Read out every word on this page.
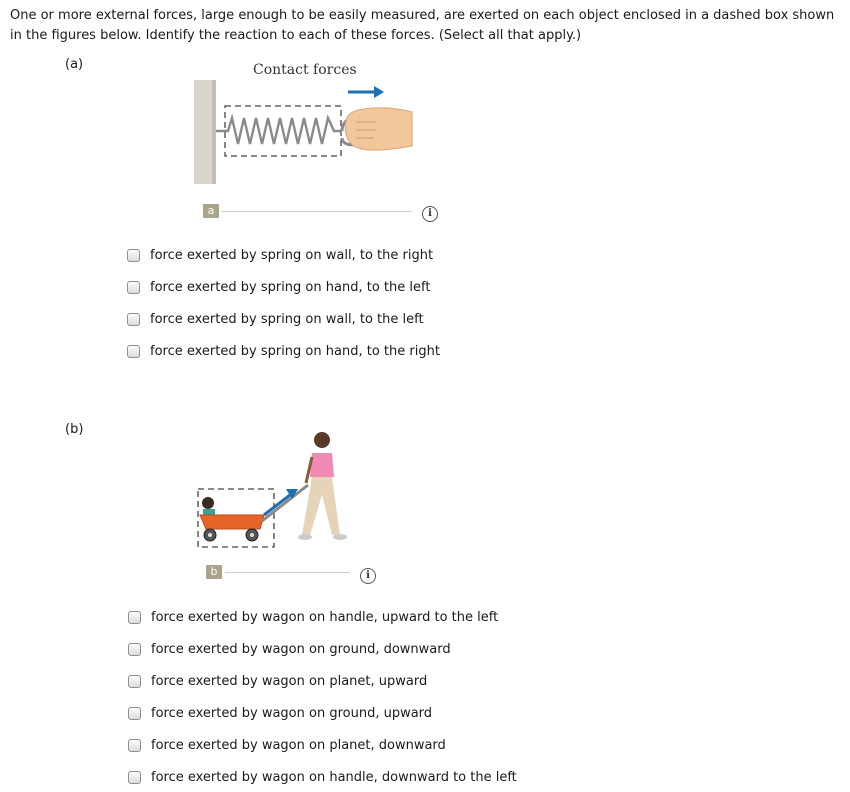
One or more external forces, large enough to be easily measured, are exerted on each object enclosed in a dashed box shown in the figures below. Identify the reaction to each of these forces. (Select all that apply.)
(a)	Contact forces
a	i
force exerted by spring on wall, to the right
force exerted by spring on hand, to the left
force exerted by spring on wall, to the left
force exerted by spring on hand, to the right
(b)
b	i
force exerted by wagon on handle, upward to the left
force exerted by wagon on ground, downward
force exerted by wagon on planet, upward
force exerted by wagon on ground, upward
force exerted by wagon on planet, downward
force exerted by wagon on handle, downward to the left
